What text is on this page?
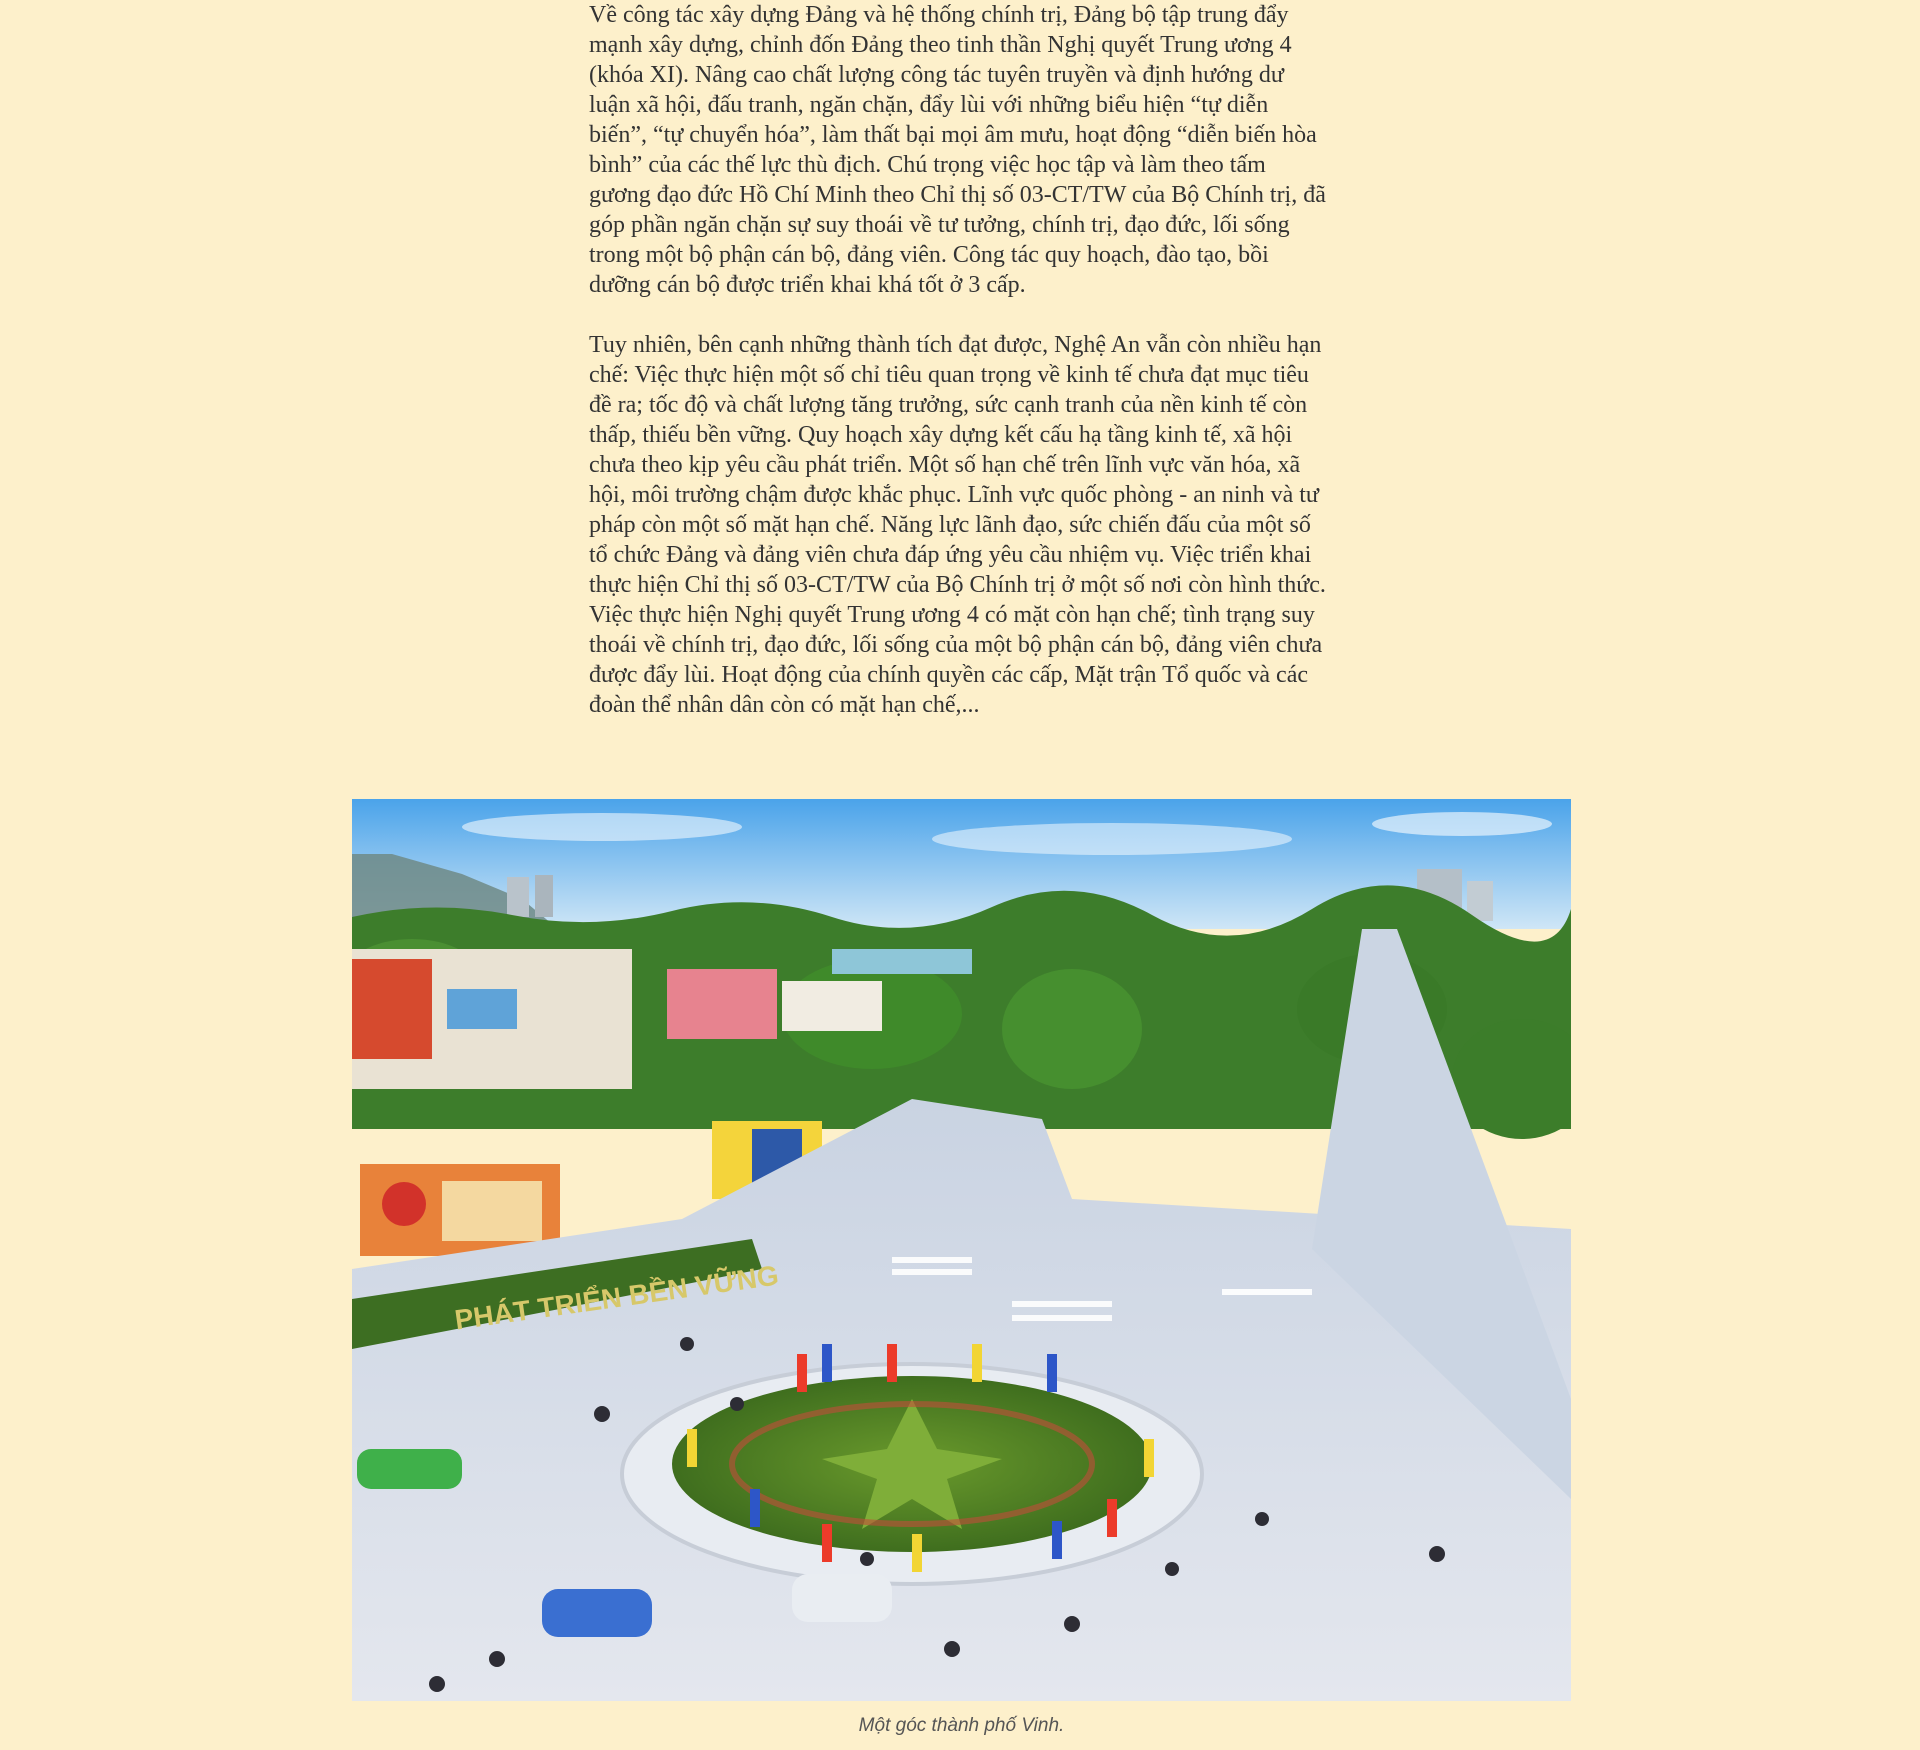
Về công tác xây dựng Đảng và hệ thống chính trị, Đảng bộ tập trung đẩy mạnh xây dựng, chỉnh đốn Đảng theo tinh thần Nghị quyết Trung ương 4 (khóa XI). Nâng cao chất lượng công tác tuyên truyền và định hướng dư luận xã hội, đấu tranh, ngăn chặn, đẩy lùi với những biểu hiện “tự diễn biến”, “tự chuyển hóa”, làm thất bại mọi âm mưu, hoạt động “diễn biến hòa bình” của các thế lực thù địch. Chú trọng việc học tập và làm theo tấm gương đạo đức Hồ Chí Minh theo Chỉ thị số 03-CT/TW của Bộ Chính trị, đã góp phần ngăn chặn sự suy thoái về tư tưởng, chính trị, đạo đức, lối sống trong một bộ phận cán bộ, đảng viên. Công tác quy hoạch, đào tạo, bồi dưỡng cán bộ được triển khai khá tốt ở 3 cấp.

Tuy nhiên, bên cạnh những thành tích đạt được, Nghệ An vẫn còn nhiều hạn chế: Việc thực hiện một số chỉ tiêu quan trọng về kinh tế chưa đạt mục tiêu đề ra; tốc độ và chất lượng tăng trưởng, sức cạnh tranh của nền kinh tế còn thấp, thiếu bền vững. Quy hoạch xây dựng kết cấu hạ tầng kinh tế, xã hội chưa theo kịp yêu cầu phát triển. Một số hạn chế trên lĩnh vực văn hóa, xã hội, môi trường chậm được khắc phục. Lĩnh vực quốc phòng - an ninh và tư pháp còn một số mặt hạn chế. Năng lực lãnh đạo, sức chiến đấu của một số tổ chức Đảng và đảng viên chưa đáp ứng yêu cầu nhiệm vụ. Việc triển khai thực hiện Chỉ thị số 03-CT/TW của Bộ Chính trị ở một số nơi còn hình thức. Việc thực hiện Nghị quyết Trung ương 4 có mặt còn hạn chế; tình trạng suy thoái về chính trị, đạo đức, lối sống của một bộ phận cán bộ, đảng viên chưa được đẩy lùi. Hoạt động của chính quyền các cấp, Mặt trận Tổ quốc và các đoàn thể nhân dân còn có mặt hạn chế,...

PHÁT TRIỂN BỀN VỮNG
Một góc thành phố Vinh.
